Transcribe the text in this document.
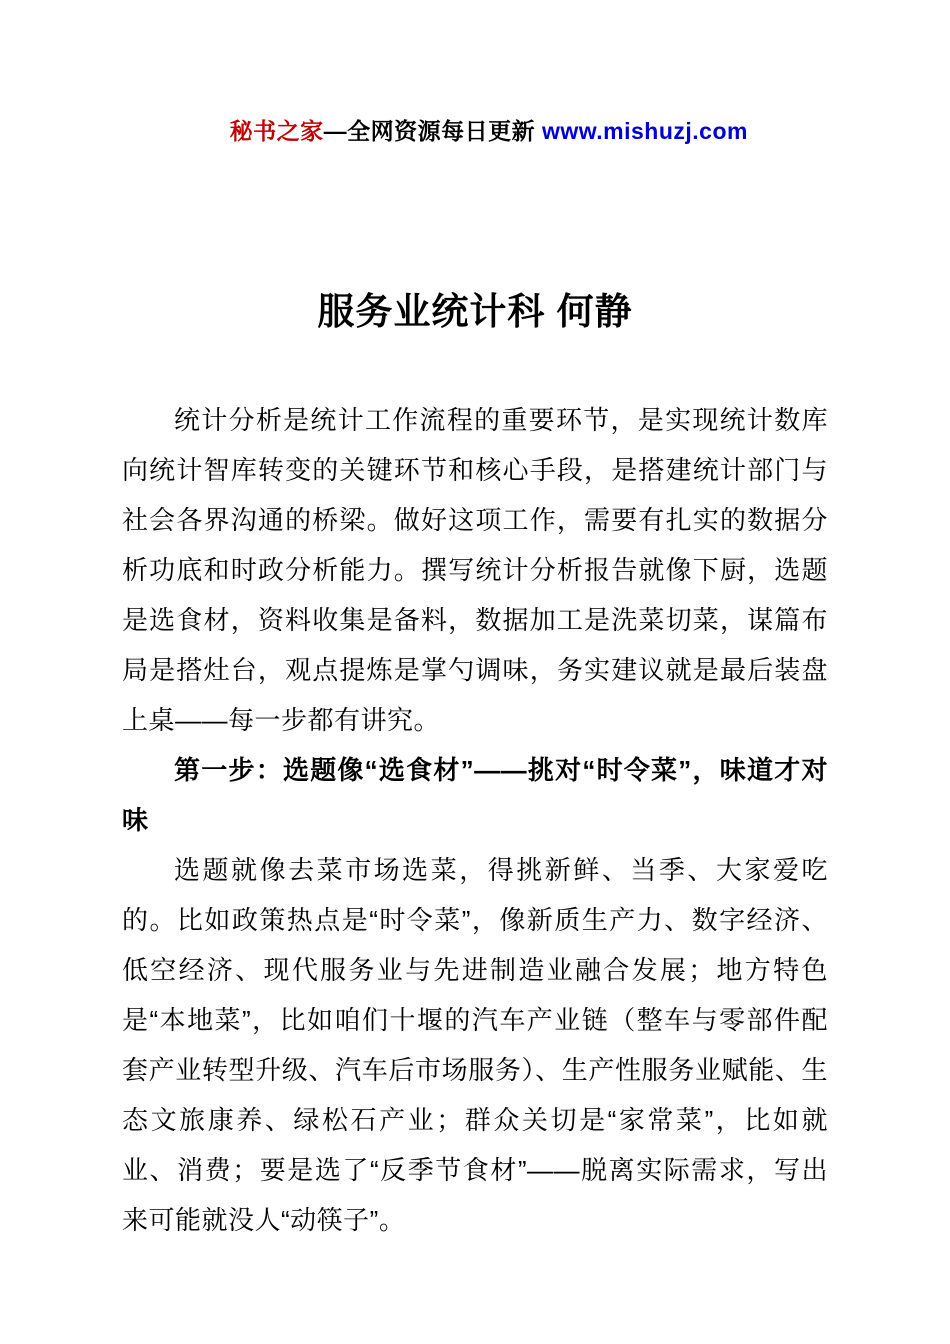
秘书之家—全网资源每日更新 www.mishuzj.com

服务业统计科 何静

统计分析是统计工作流程的重要环节，是实现统计数库向统计智库转变的关键环节和核心手段，是搭建统计部门与社会各界沟通的桥梁。做好这项工作，需要有扎实的数据分析功底和时政分析能力。撰写统计分析报告就像下厨，选题是选食材，资料收集是备料，数据加工是洗菜切菜，谋篇布局是搭灶台，观点提炼是掌勺调味，务实建议就是最后装盘上桌——每一步都有讲究。

第一步：选题像“选食材”——挑对“时令菜”，味道才对味

选题就像去菜市场选菜，得挑新鲜、当季、大家爱吃的。比如政策热点是“时令菜”，像新质生产力、数字经济、低空经济、现代服务业与先进制造业融合发展；地方特色是“本地菜”，比如咱们十堰的汽车产业链（整车与零部件配套产业转型升级、汽车后市场服务）、生产性服务业赋能、生态文旅康养、绿松石产业；群众关切是“家常菜”，比如就业、消费；要是选了“反季节食材”——脱离实际需求，写出来可能就没人“动筷子”。
